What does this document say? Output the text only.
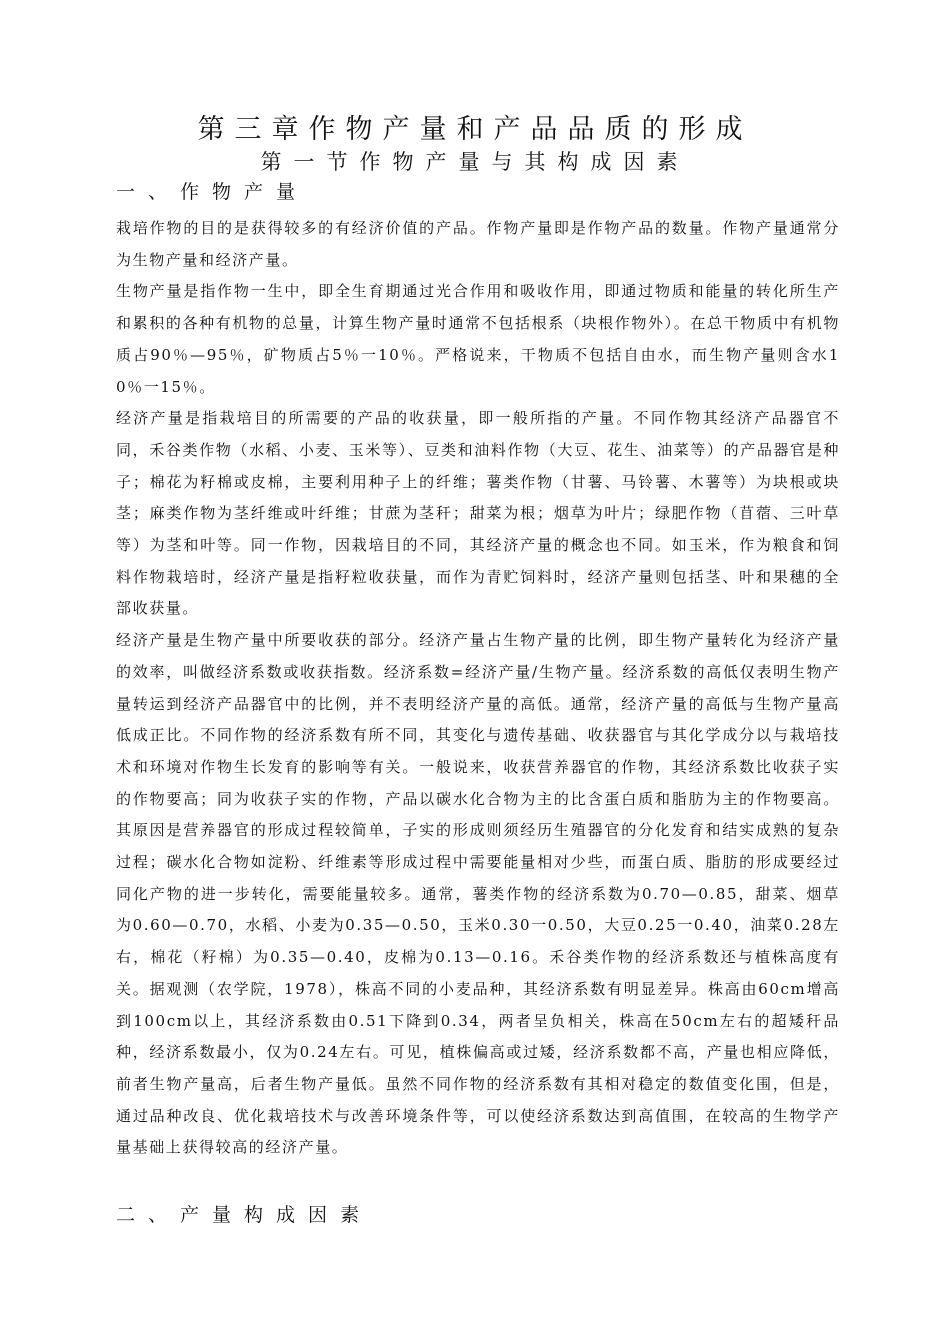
第三章作物产量和产品品质的形成
第一节作物产量与其构成因素
一、作物产量

栽培作物的目的是获得较多的有经济价值的产品。作物产量即是作物产品的数量。作物产量通常分为生物产量和经济产量。

生物产量是指作物一生中，即全生育期通过光合作用和吸收作用，即通过物质和能量的转化所生产和累积的各种有机物的总量，计算生物产量时通常不包括根系（块根作物外）。在总干物质中有机物质占90％—95％，矿物质占5％一10％。严格说来，干物质不包括自由水，而生物产量则含水10％一15％。

经济产量是指栽培目的所需要的产品的收获量，即一般所指的产量。不同作物其经济产品器官不同，禾谷类作物（水稻、小麦、玉米等）、豆类和油料作物（大豆、花生、油菜等）的产品器官是种子；棉花为籽棉或皮棉，主要利用种子上的纤维；薯类作物（甘薯、马铃薯、木薯等）为块根或块茎；麻类作物为茎纤维或叶纤维；甘蔗为茎秆；甜菜为根；烟草为叶片；绿肥作物（苜蓿、三叶草等）为茎和叶等。同一作物，因栽培目的不同，其经济产量的概念也不同。如玉米，作为粮食和饲料作物栽培时，经济产量是指籽粒收获量，而作为青贮饲料时，经济产量则包括茎、叶和果穗的全部收获量。

经济产量是生物产量中所要收获的部分。经济产量占生物产量的比例，即生物产量转化为经济产量的效率，叫做经济系数或收获指数。经济系数=经济产量/生物产量。经济系数的高低仅表明生物产量转运到经济产品器官中的比例，并不表明经济产量的高低。通常，经济产量的高低与生物产量高低成正比。不同作物的经济系数有所不同，其变化与遗传基础、收获器官与其化学成分以与栽培技术和环境对作物生长发育的影响等有关。一般说来，收获营养器官的作物，其经济系数比收获子实的作物要高；同为收获子实的作物，产品以碳水化合物为主的比含蛋白质和脂肪为主的作物要高。其原因是营养器官的形成过程较简单，子实的形成则须经历生殖器官的分化发育和结实成熟的复杂过程；碳水化合物如淀粉、纤维素等形成过程中需要能量相对少些，而蛋白质、脂肪的形成要经过同化产物的进一步转化，需要能量较多。通常，薯类作物的经济系数为0.70—0.85，甜菜、烟草为0.60—0.70，水稻、小麦为0.35—0.50，玉米0.30一0.50，大豆0.25一0.40，油菜0.28左右，棉花（籽棉）为0.35—0.40，皮棉为0.13—0.16。禾谷类作物的经济系数还与植株高度有关。据观测（农学院，1978），株高不同的小麦品种，其经济系数有明显差异。株高由60cm增高到100cm以上，其经济系数由0.51下降到0.34，两者呈负相关，株高在50cm左右的超矮秆品种，经济系数最小，仅为0.24左右。可见，植株偏高或过矮，经济系数都不高，产量也相应降低，前者生物产量高，后者生物产量低。虽然不同作物的经济系数有其相对稳定的数值变化围，但是，通过品种改良、优化栽培技术与改善环境条件等，可以使经济系数达到高值围，在较高的生物学产量基础上获得较高的经济产量。

二、产量构成因素
